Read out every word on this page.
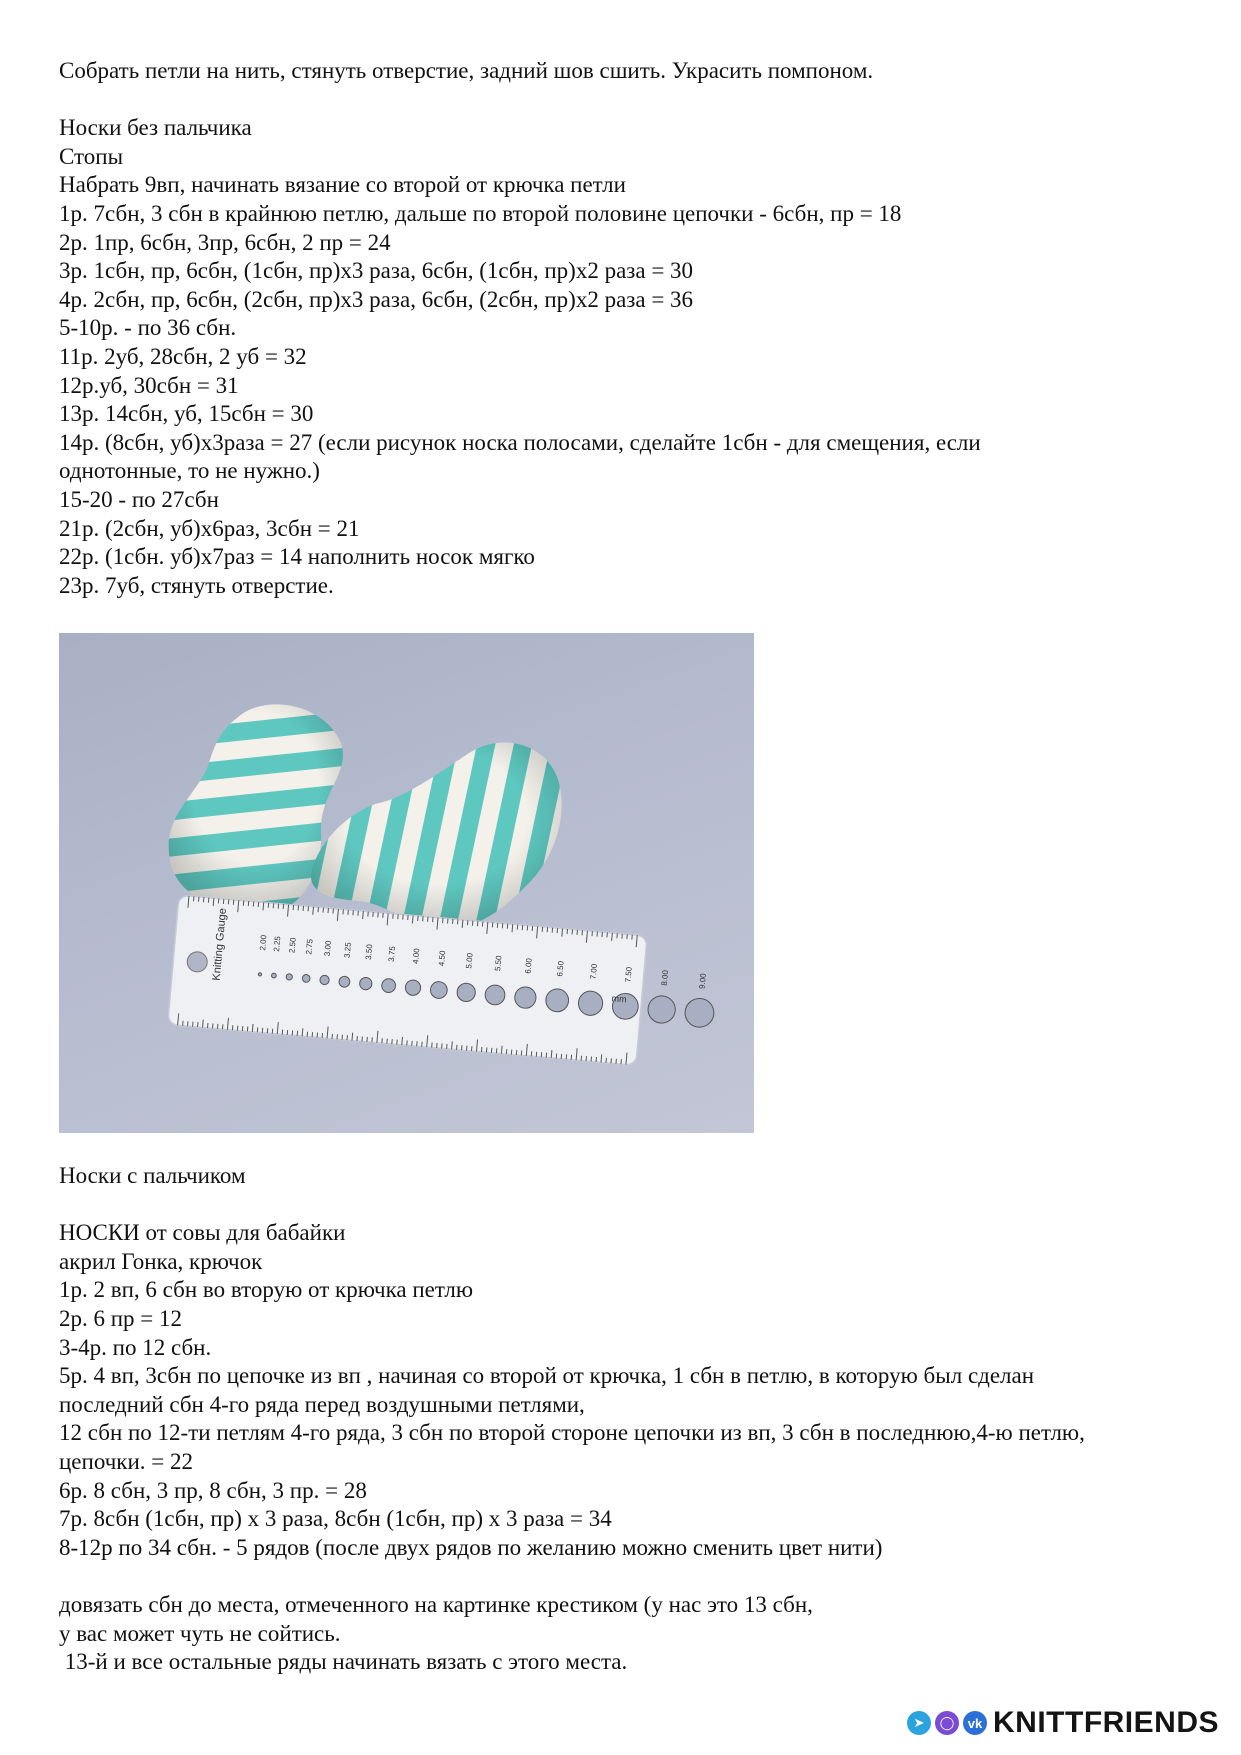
Собрать петли на нить, стянуть отверстие, задний шов сшить. Украсить помпоном.

Носки без пальчика

Стопы

Набрать 9вп, начинать вязание со второй от крючка петли

1р. 7сбн, 3 сбн в крайнюю петлю, дальше по второй половине цепочки - 6сбн, пр = 18

2р. 1пр, 6сбн, 3пр, 6сбн, 2 пр = 24

3р. 1сбн, пр, 6сбн, (1сбн, пр)х3 раза, 6сбн, (1сбн, пр)х2 раза = 30

4р. 2сбн, пр, 6сбн, (2сбн, пр)х3 раза, 6сбн, (2сбн, пр)х2 раза = 36

5-10р. - по 36 сбн.

11р. 2уб, 28сбн, 2 уб = 32

12р.уб, 30сбн = 31

13р. 14сбн, уб, 15сбн = 30

14р. (8сбн, уб)х3раза = 27 (если рисунок носка полосами, сделайте 1сбн - для смещения, если

однотонные, то не нужно.)

15-20 - по 27сбн

21р. (2сбн, уб)х6раз, 3сбн = 21

22р. (1сбн. уб)х7раз = 14 наполнить носок мягко

23р. 7уб, стянуть отверстие.

2.00 2.25 2.50 2.75 3.00 3.25 3.50 3.75 4.00 4.50 5.00 5.50	6.00	6.50	7.00	7.50	8.00	9.00
Knitting Gauge
mm

Носки с пальчиком

НОСКИ от совы для бабайки

акрил Гонка, крючок

1р. 2 вп, 6 сбн во вторую от крючка петлю

2р. 6 пр = 12

3-4р. по 12 сбн.

5р. 4 вп, 3сбн по цепочке из вп , начиная со второй от крючка, 1 сбн в петлю, в которую был сделан

последний сбн 4-го ряда перед воздушными петлями,

12 сбн по 12-ти петлям 4-го ряда, 3 сбн по второй стороне цепочки из вп, 3 сбн в последнюю,4-ю петлю,

цепочки. = 22

6р. 8 сбн, 3 пр, 8 сбн, 3 пр. = 28

7р. 8сбн (1сбн, пр) х 3 раза, 8сбн (1сбн, пр) х 3 раза = 34

8-12р по 34 сбн. - 5 рядов (после двух рядов по желанию можно сменить цвет нити)

довязать сбн до места, отмеченного на картинке крестиком (у нас это 13 сбн,

у вас может чуть не сойтись.

13-й и все остальные ряды начинать вязать с этого места.

➤	◯	vk KNITTFRIENDS
